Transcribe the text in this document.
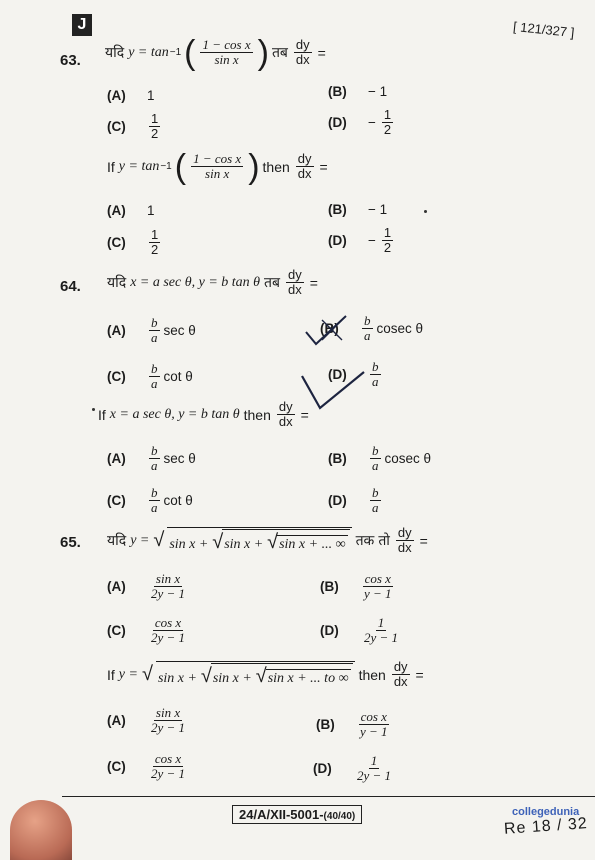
J	[ 121/327 ]
63. यदि y = tan −1 ( $\frac{\text{1 − cos x}}{\text{sin x}}$ ) तब $\frac{dy}{dx}$ =
(A)	1	(B)	− 1
(C)	$\frac{1}{2}$	(D)	− $\frac{1}{2}$
If y = tan −1 ( $\frac{\text{1 − cos x}}{\text{sin x}}$ ) then $\frac{dy}{dx}$ =
(A)	1	(B)	− 1
(C)	$\frac{1}{2}$	(D)	− $\frac{1}{2}$
64. यदि x = a sec θ, y = b tan θ तब $\frac{dy}{dx}$ =
(A)	$\frac{b}{a}$ sec θ	(B)	$\frac{b}{a}$ cosec θ
(C)	$\frac{b}{a}$ cot θ	(D)	$\frac{b}{a}$
If x = a sec θ, y = b tan θ then $\frac{dy}{dx}$ =
(A)	$\frac{b}{a}$ sec θ	(B)	$\frac{b}{a}$ cosec θ
(C)	$\frac{b}{a}$ cot θ	(D)	$\frac{b}{a}$
65. यदि y = √ sin x + √sin x + √sin x + ... ∞ तक तो $\frac{dy}{dx}$ =
(A)	$\frac{\text{sin x}}{2y - 1}$	(B)	$\frac{\text{cos x}}{y - 1}$
(C)	$\frac{\text{cos x}}{2y - 1}$	(D)	$\frac{1}{2y - 1}$
If y = √ sin x + √sin x + √sin x + ... to ∞ then $\frac{dy}{dx}$ =
(A)	$\frac{\text{sin x}}{2y - 1}$	(B)	$\frac{\text{cos x}}{y - 1}$
(C)	$\frac{\text{cos x}}{2y - 1}$	(D)	$\frac{1}{2y - 1}$
24/A/XII-5001-(40/40)	collegedunia
Re 18 / 32
